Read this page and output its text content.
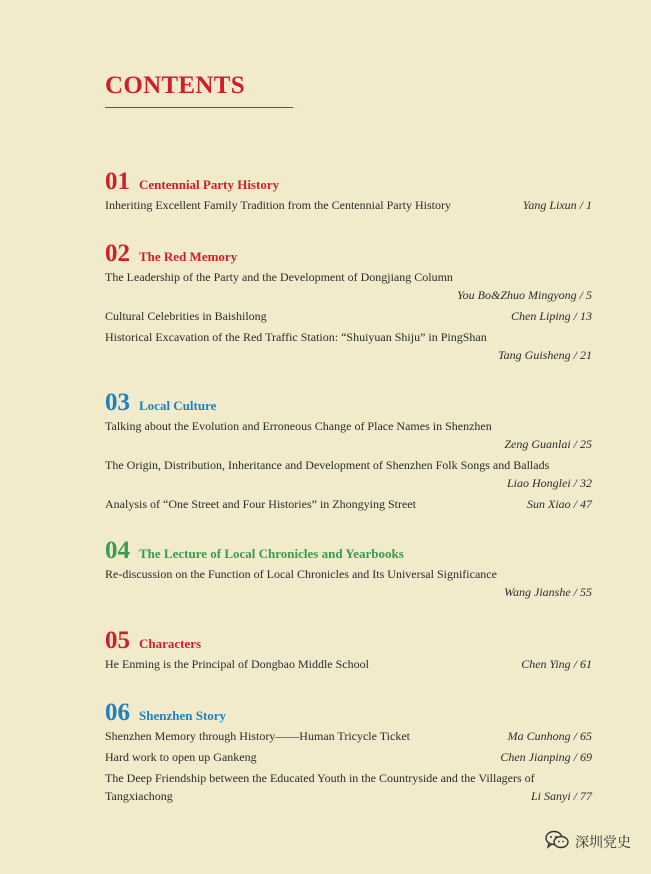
CONTENTS
01 Centennial Party History
Inheriting Excellent Family Tradition from the Centennial Party History	Yang Lixun / 1
02 The Red Memory
The Leadership of the Party and the Development of Dongjiang Column
You Bo&Zhuo Mingyong / 5
Cultural Celebrities in Baishilong	Chen Liping / 13
Historical Excavation of the Red Traffic Station: “Shuiyuan Shiju” in PingShan
Tang Guisheng / 21
03 Local Culture
Talking about the Evolution and Erroneous Change of Place Names in Shenzhen
Zeng Guanlai / 25
The Origin, Distribution, Inheritance and Development of Shenzhen Folk Songs and Ballads
Liao Honglei / 32
Analysis of “One Street and Four Histories” in Zhongying Street	Sun Xiao / 47
04 The Lecture of Local Chronicles and Yearbooks
Re-discussion on the Function of Local Chronicles and Its Universal Significance
Wang Jianshe / 55
05 Characters
He Enming is the Principal of Dongbao Middle School	Chen Ying / 61
06 Shenzhen Story
Shenzhen Memory through History——Human Tricycle Ticket	Ma Cunhong / 65
Hard work to open up Gankeng	Chen Jianping / 69
The Deep Friendship between the Educated Youth in the Countryside and the Villagers of
Tangxiachong	Li Sanyi / 77
深圳党史
